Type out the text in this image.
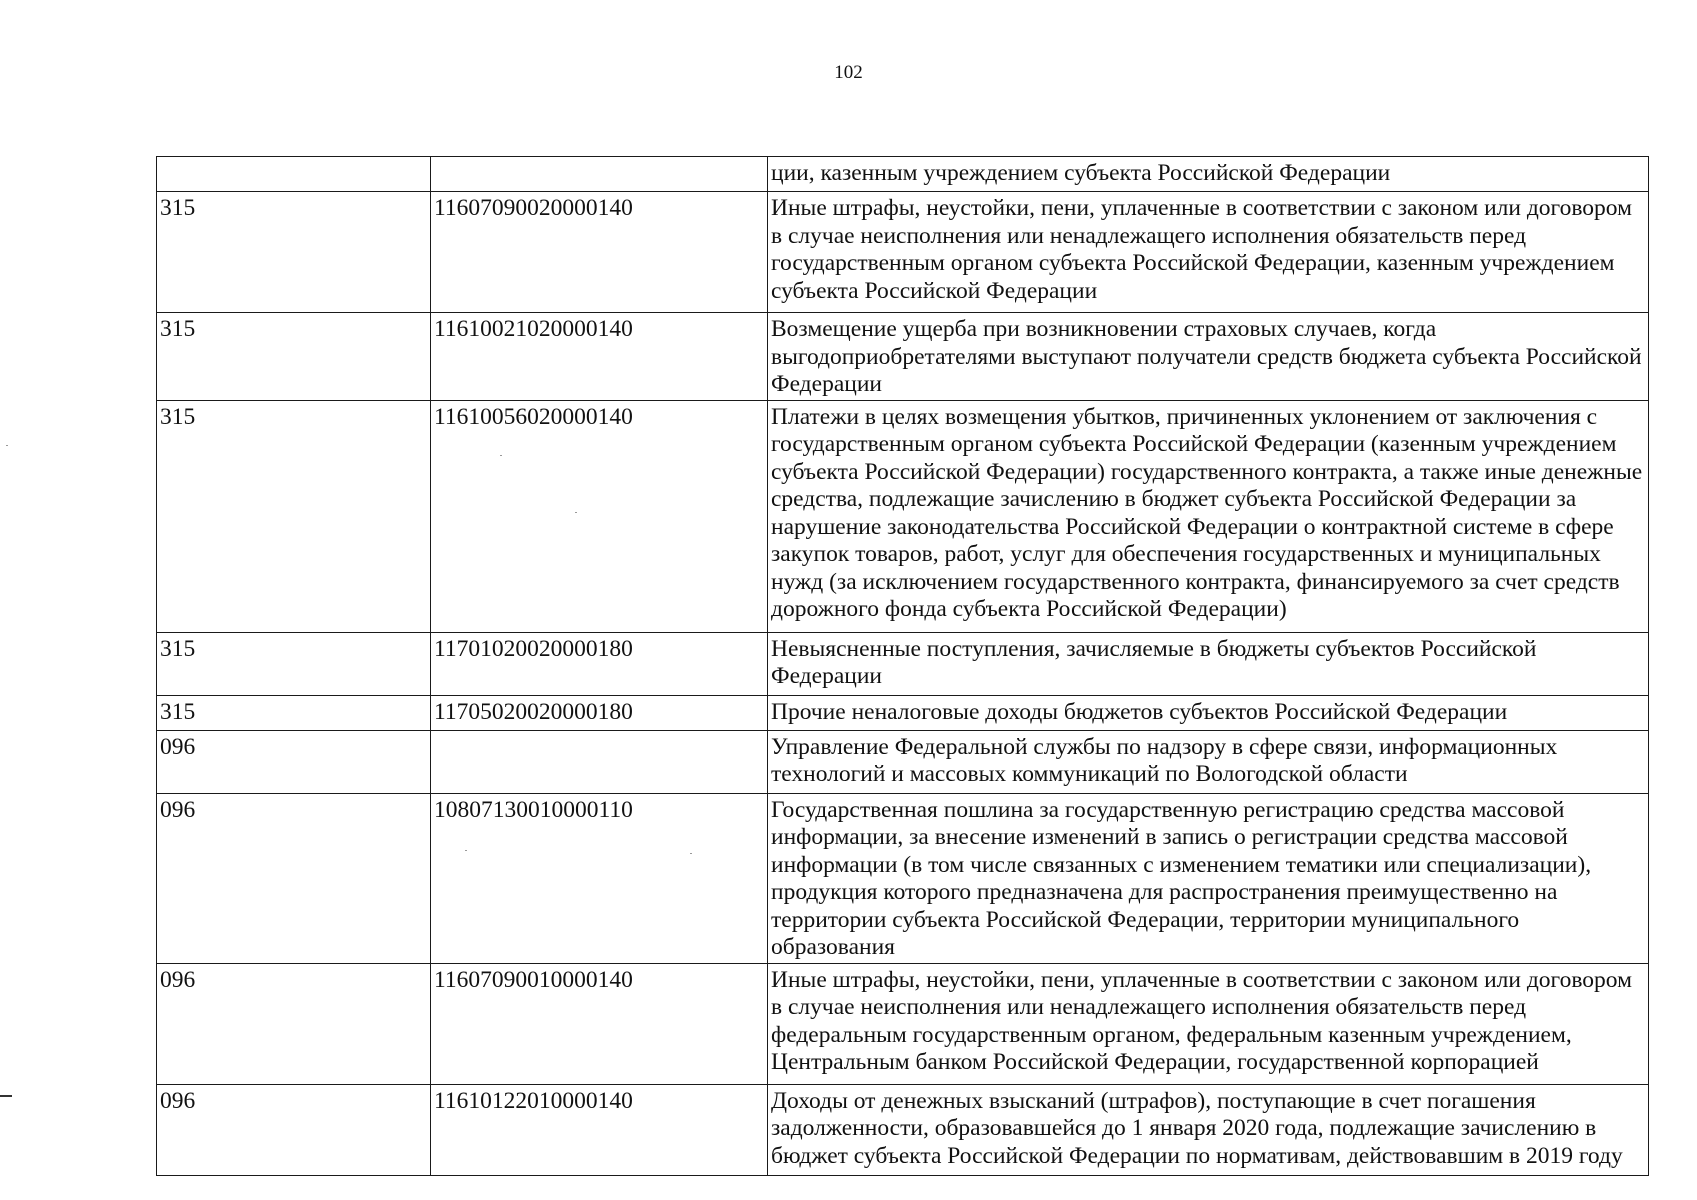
102
		ции, казенным учреждением субъекта Российской Федерации
315	11607090020000140	Иные штрафы, неустойки, пени, уплаченные в соответствии с законом или договором в случае неисполнения или ненадлежащего исполнения обязательств перед государственным органом субъекта Российской Федерации, казенным учреждением субъекта Российской Федерации
315	11610021020000140	Возмещение ущерба при возникновении страховых случаев, когда выгодоприобретателями выступают получатели средств бюджета субъекта Российской Федерации
315	11610056020000140	Платежи в целях возмещения убытков, причиненных уклонением от заключения с государственным органом субъекта Российской Федерации (казенным учреждением субъекта Российской Федерации) государственного контракта, а также иные денежные средства, подлежащие зачислению в бюджет субъекта Российской Федерации за нарушение законодательства Российской Федерации о контрактной системе в сфере закупок товаров, работ, услуг для обеспечения государственных и муниципальных нужд (за исключением государственного контракта, финансируемого за счет средств дорожного фонда субъекта Российской Федерации)
315	11701020020000180	Невыясненные поступления, зачисляемые в бюджеты субъектов Российской Федерации
315	11705020020000180	Прочие неналоговые доходы бюджетов субъектов Российской Федерации
096		Управление Федеральной службы по надзору в сфере связи, информационных технологий и массовых коммуникаций по Вологодской области
096	10807130010000110	Государственная пошлина за государственную регистрацию средства массовой информации, за внесение изменений в запись о регистрации средства массовой информации (в том числе связанных с изменением тематики или специализации), продукция которого предназначена для распространения преимущественно на территории субъекта Российской Федерации, территории муниципального образования
096	11607090010000140	Иные штрафы, неустойки, пени, уплаченные в соответствии с законом или договором в случае неисполнения или ненадлежащего исполнения обязательств перед федеральным государственным органом, федеральным казенным учреждением, Центральным банком Российской Федерации, государственной корпорацией
096	11610122010000140	Доходы от денежных взысканий (штрафов), поступающие в счет погашения задолженности, образовавшейся до 1 января 2020 года, подлежащие зачислению в бюджет субъекта Российской Федерации по нормативам, действовавшим в 2019 году
